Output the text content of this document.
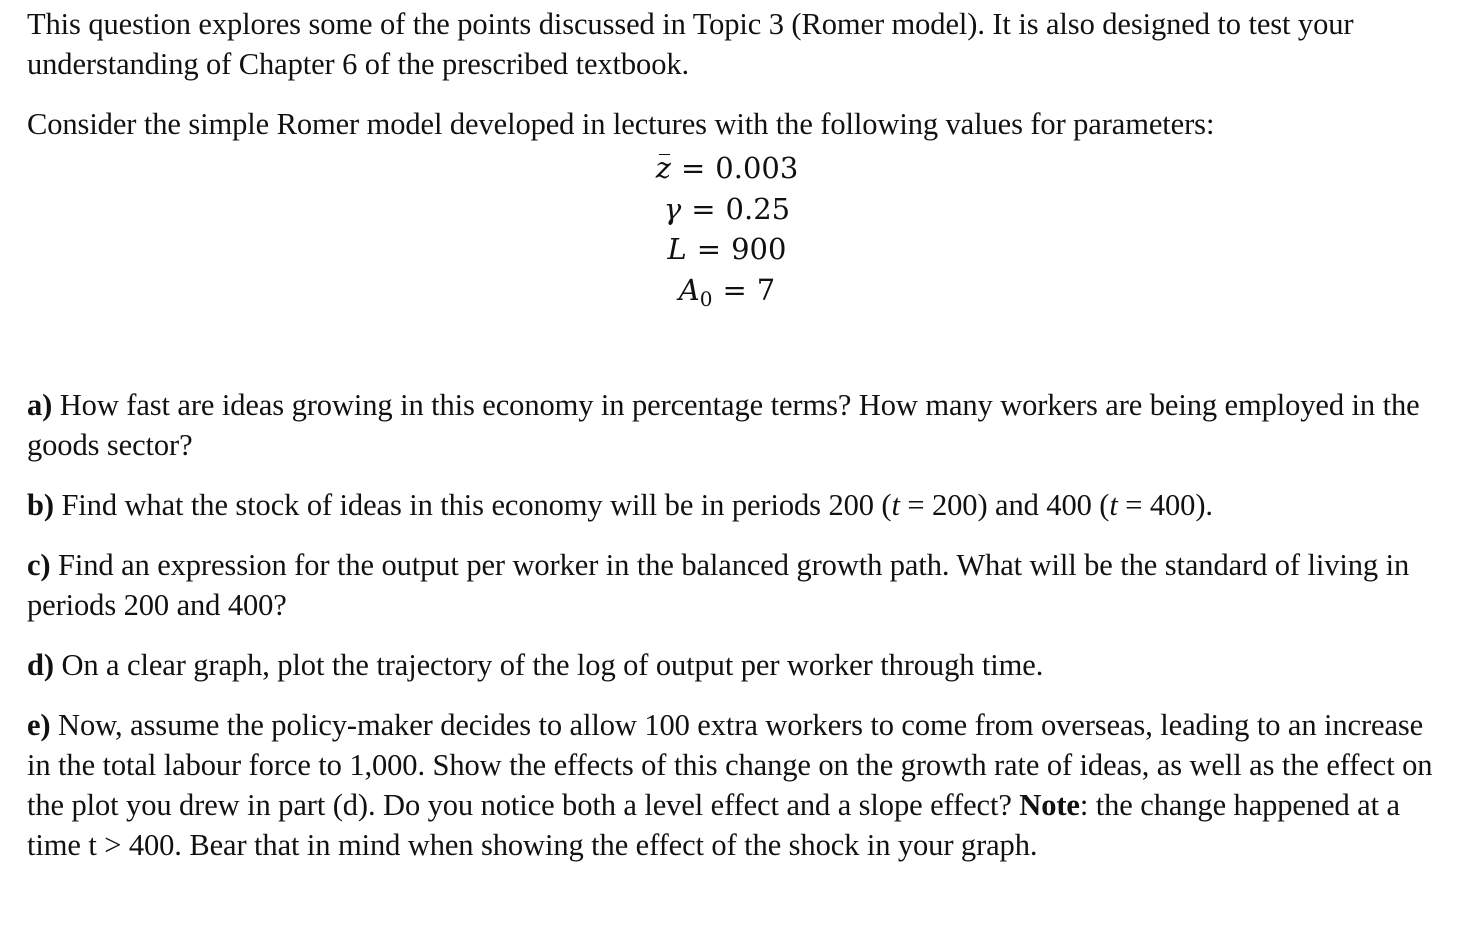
This question explores some of the points discussed in Topic 3 (Romer model). It is also designed to test your understanding of Chapter 6 of the prescribed textbook.

Consider the simple Romer model developed in lectures with the following values for parameters:

z = 0.003
γ = 0.25
L = 900
$A_0 = 7$

a) How fast are ideas growing in this economy in percentage terms? How many workers are being employed in the goods sector?

b) Find what the stock of ideas in this economy will be in periods 200 (t = 200) and 400 (t = 400).

c) Find an expression for the output per worker in the balanced growth path. What will be the standard of living in periods 200 and 400?

d) On a clear graph, plot the trajectory of the log of output per worker through time.

e) Now, assume the policy-maker decides to allow 100 extra workers to come from overseas, leading to an increase in the total labour force to 1,000. Show the effects of this change on the growth rate of ideas, as well as the effect on the plot you drew in part (d). Do you notice both a level effect and a slope effect? Note: the change happened at a time t > 400. Bear that in mind when showing the effect of the shock in your graph.
